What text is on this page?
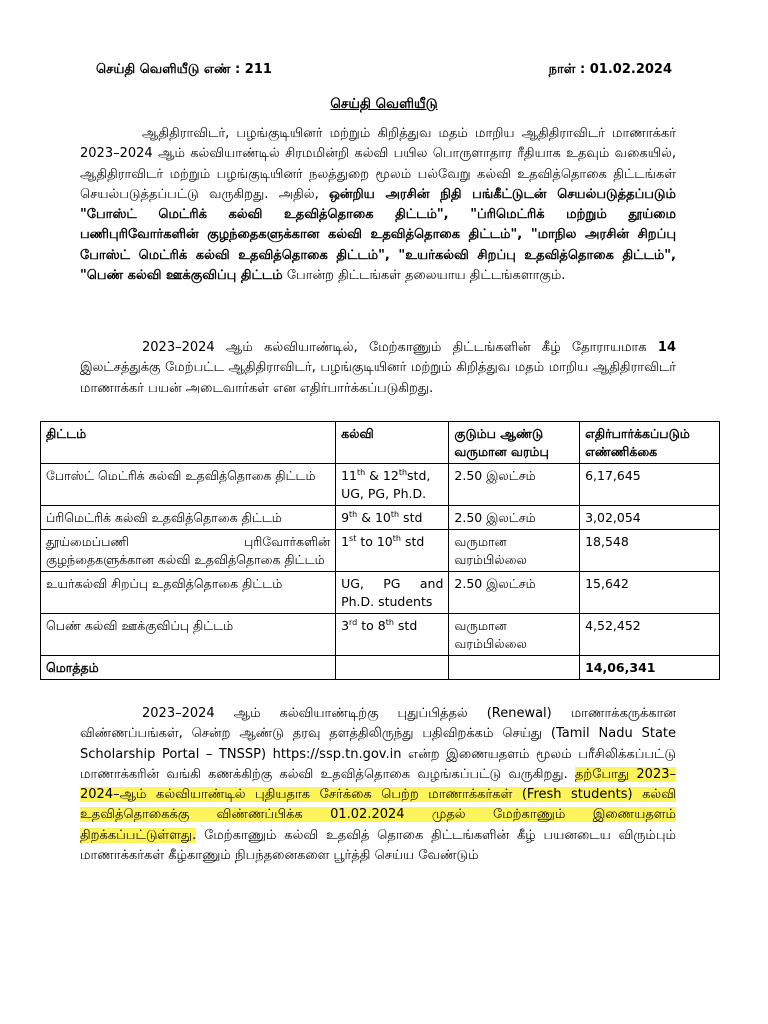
செய்தி வெளியீடு எண் : 211	நாள் : 01.02.2024
செய்தி வெளியீடு
ஆதிதிராவிடர், பழங்குடியினர் மற்றும் கிறித்துவ மதம் மாறிய ஆதிதிராவிடர் மாணாக்கர் 2023–2024 ஆம் கல்வியாண்டில் சிரமமின்றி கல்வி பயில பொருளாதார ரீதியாக உதவும் வகையில், ஆதிதிராவிடர் மற்றும் பழங்குடியினர் நலத்துறை மூலம் பல்வேறு கல்வி உதவித்தொகை திட்டங்கள் செயல்படுத்தப்பட்டு வருகிறது. அதில், ஒன்றிய அரசின் நிதி பங்கீட்டுடன் செயல்படுத்தப்படும் "போஸ்ட் மெட்ரிக் கல்வி உதவித்தொகை திட்டம்", "ப்ரிமெட்ரிக் மற்றும் தூய்மை பணிபுரிவோர்களின் குழந்தைகளுக்கான கல்வி உதவித்தொகை திட்டம்", "மாநில அரசின் சிறப்பு போஸ்ட் மெட்ரிக் கல்வி உதவித்தொகை திட்டம்", "உயர்கல்வி சிறப்பு உதவித்தொகை திட்டம்", "பெண் கல்வி ஊக்குவிப்பு திட்டம் போன்ற திட்டங்கள் தலையாய திட்டங்களாகும்.
2023–2024 ஆம் கல்வியாண்டில், மேற்காணும் திட்டங்களின் கீழ் தோராயமாக 14 இலட்சத்துக்கு மேற்பட்ட ஆதிதிராவிடர், பழங்குடியினர் மற்றும் கிறித்துவ மதம் மாறிய ஆதிதிராவிடர் மாணாக்கர் பயன் அடைவார்கள் என எதிர்பார்க்கப்படுகிறது.
திட்டம்	கல்வி	குடும்ப ஆண்டு வருமான வரம்பு	எதிர்பார்க்கப்படும் எண்ணிக்கை
போஸ்ட் மெட்ரிக் கல்வி உதவித்தொகை திட்டம்	11th & 12thstd, UG, PG, Ph.D.	2.50 இலட்சம்	6,17,645
ப்ரிமெட்ரிக் கல்வி உதவித்தொகை திட்டம்	9th & 10th std	2.50 இலட்சம்	3,02,054
தூய்மைப்பணி புரிவோர்களின் குழந்தைகளுக்கான கல்வி உதவித்தொகை திட்டம்	1st to 10th std	வருமான வரம்பில்லை	18,548
உயர்கல்வி சிறப்பு உதவித்தொகை திட்டம்	UG, PG and Ph.D. students	2.50 இலட்சம்	15,642
பெண் கல்வி ஊக்குவிப்பு திட்டம்	3rd to 8th std	வருமான வரம்பில்லை	4,52,452
மொத்தம்			14,06,341
2023–2024 ஆம் கல்வியாண்டிற்கு புதுப்பித்தல் (Renewal) மாணாக்கருக்கான விண்ணப்பங்கள், சென்ற ஆண்டு தரவு தளத்திலிருந்து பதிவிறக்கம் செய்து (Tamil Nadu State Scholarship Portal – TNSSP) https://ssp.tn.gov.in என்ற இணையதளம் மூலம் பரீசிலிக்கப்பட்டு மாணாக்கரின் வங்கி கணக்கிற்கு கல்வி உதவித்தொகை வழங்கப்பட்டு வருகிறது. தற்போது 2023–2024–ஆம் கல்வியாண்டில் புதியதாக சேர்க்கை பெற்ற மாணாக்கர்கள் (Fresh students) கல்வி உதவித்தொகைக்கு விண்ணப்பிக்க 01.02.2024 முதல் மேற்காணும் இணையதளம் திறக்கப்பட்டுள்ளது. மேற்காணும் கல்வி உதவித் தொகை திட்டங்களின் கீழ் பயனடைய விரும்பும் மாணாக்கர்கள் கீழ்காணும் நிபந்தனைகளை பூர்த்தி செய்ய வேண்டும்
